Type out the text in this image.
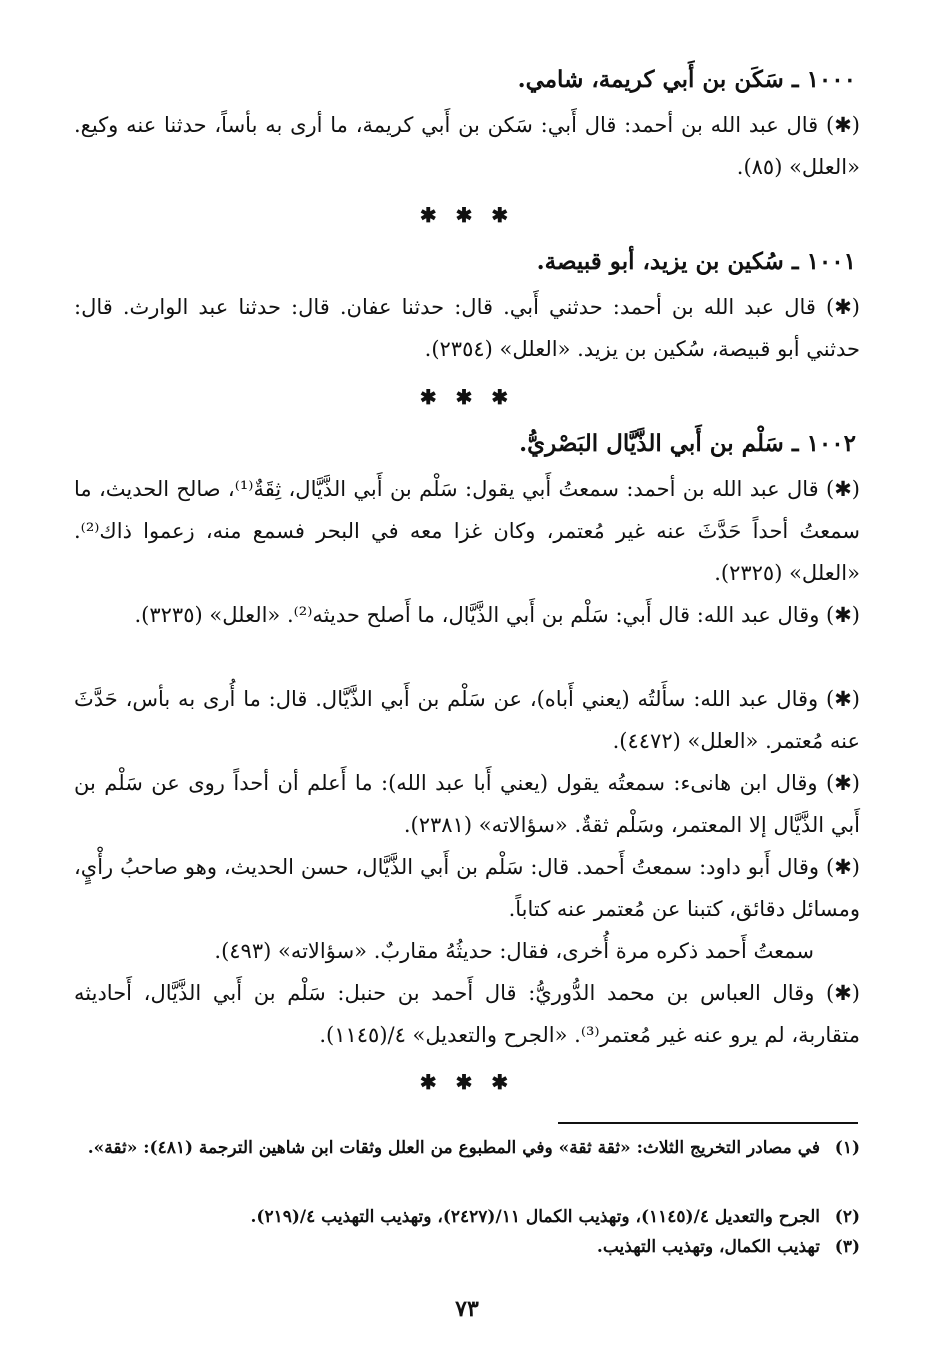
١٠٠٠ ـ سَكَن بن أَبي كريمة، شامي.
(✱) قال عبد الله بن أحمد: قال أَبي: سَكن بن أَبي كريمة، ما أرى به بأساً، حدثنا عنه وكيع. «العلل» (٨٥).
✱ ✱ ✱
١٠٠١ ـ سُكين بن يزيد، أبو قبيصة.
(✱) قال عبد الله بن أحمد: حدثني أَبي. قال: حدثنا عفان. قال: حدثنا عبد الوارث. قال: حدثني أبو قبيصة، سُكين بن يزيد. «العلل» (٢٣٥٤).
✱ ✱ ✱
١٠٠٢ ـ سَلْم بن أَبي الذَّيَّال البَصْريُّ.
(✱) قال عبد الله بن أحمد: سمعتُ أَبي يقول: سَلْم بن أَبي الذَّيَّال، ثِقَةٌ⁽¹⁾، صالح الحديث، ما سمعتُ أحداً حَدَّثَ عنه غير مُعتمر، وكان غزا معه في البحر فسمع منه، زعموا ذاك⁽²⁾. «العلل» (٢٣٢٥).
(✱) وقال عبد الله: قال أَبي: سَلْم بن أَبي الذَّيَّال، ما أَصلح حديثه⁽²⁾. «العلل» (٣٢٣٥).
(✱) وقال عبد الله: سأَلتُه (يعني أَباه)، عن سَلْم بن أَبي الذَّيَّال. قال: ما أُرى به بأس، حَدَّثَ عنه مُعتمر. «العلل» (٤٤٧٢).
(✱) وقال ابن هانىء: سمعتُه يقول (يعني أَبا عبد الله): ما أَعلم أن أحداً روى عن سَلْم بن أَبي الذَّيَّال إلا المعتمر، وسَلْم ثقةٌ. «سؤالاته» (٢٣٨١).
(✱) وقال أَبو داود: سمعتُ أَحمد. قال: سَلْم بن أَبي الذَّيَّال، حسن الحديث، وهو صاحبُ رأْيٍ، ومسائل دقائق، كتبنا عن مُعتمر عنه كتاباً.
سمعتُ أَحمد ذكره مرة أُخرى، فقال: حديثُهُ مقاربٌ. «سؤالاته» (٤٩٣).
(✱) وقال العباس بن محمد الدُّوريُّ: قال أَحمد بن حنبل: سَلْم بن أَبي الذَّيَّال، أَحاديثه متقاربة، لم يرو عنه غير مُعتمر⁽³⁾. «الجرح والتعديل» ٤/(١١٤٥).
✱ ✱ ✱
(١)في مصادر التخريج الثلاث: «ثقة ثقة» وفي المطبوع من العلل وثقات ابن شاهين الترجمة (٤٨١): «ثقة».
(٢)الجرح والتعديل ٤/(١١٤٥)، وتهذيب الكمال ١١/(٢٤٢٧)، وتهذيب التهذيب ٤/(٢١٩).
(٣)تهذيب الكمال، وتهذيب التهذيب.
٧٣
